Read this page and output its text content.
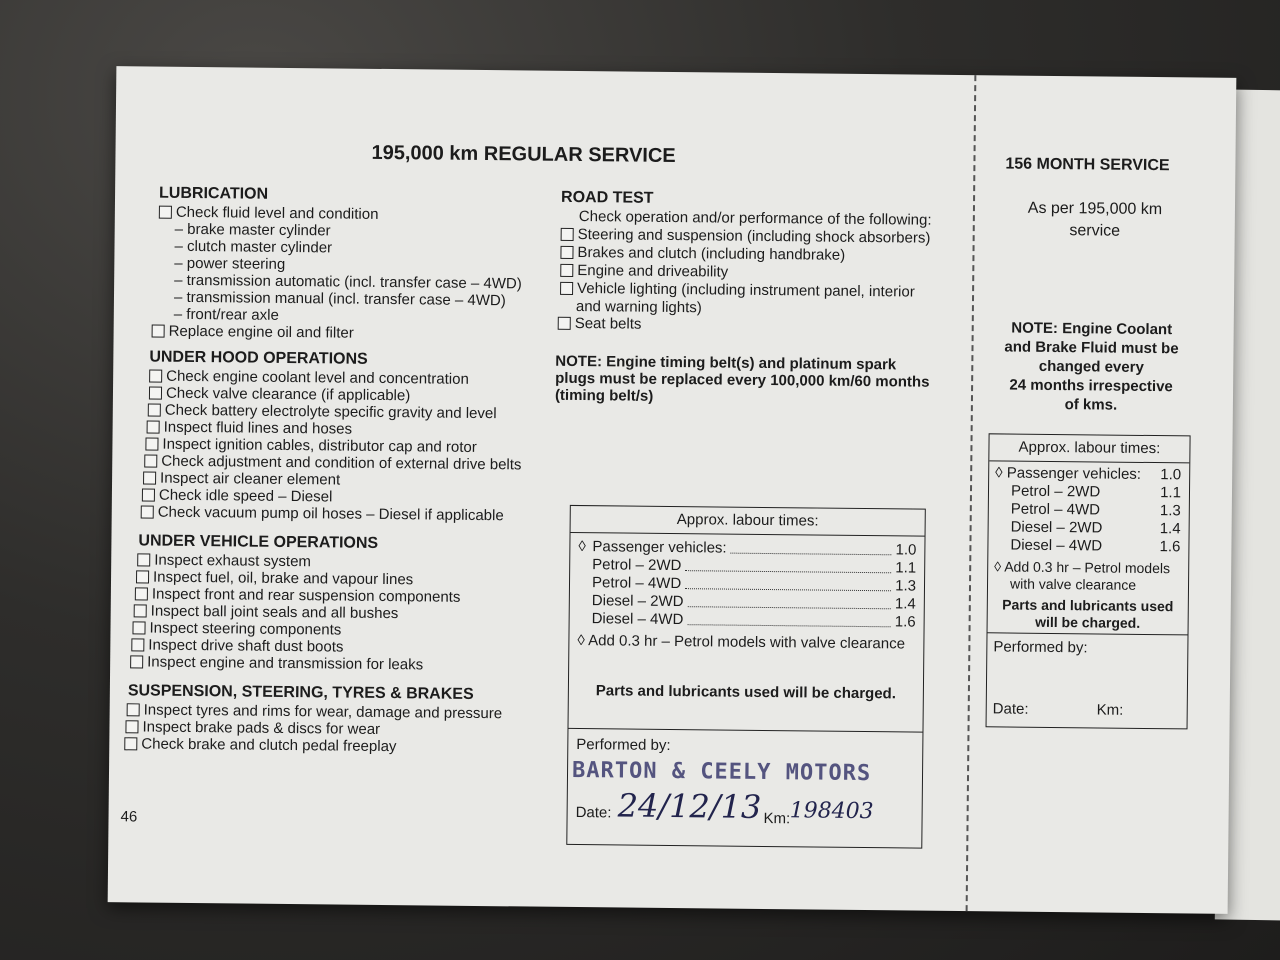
195,000 km REGULAR SERVICE
LUBRICATION
Check fluid level and condition
– brake master cylinder
– clutch master cylinder
– power steering
– transmission automatic (incl. transfer case – 4WD)
– transmission manual (incl. transfer case – 4WD)
– front/rear axle
Replace engine oil and filter
UNDER HOOD OPERATIONS
Check engine coolant level and concentration
Check valve clearance (if applicable)
Check battery electrolyte specific gravity and level
Inspect fluid lines and hoses
Inspect ignition cables, distributor cap and rotor
Check adjustment and condition of external drive belts
Inspect air cleaner element
Check idle speed – Diesel
Check vacuum pump oil hoses – Diesel if applicable
UNDER VEHICLE OPERATIONS
Inspect exhaust system
Inspect fuel, oil, brake and vapour lines
Inspect front and rear suspension components
Inspect ball joint seals and all bushes
Inspect steering components
Inspect drive shaft dust boots
Inspect engine and transmission for leaks
SUSPENSION, STEERING, TYRES & BRAKES
Inspect tyres and rims for wear, damage and pressure
Inspect brake pads & discs for wear
Check brake and clutch pedal freeplay
46
ROAD TEST
Check operation and/or performance of the following:
Steering and suspension (including shock absorbers)
Brakes and clutch (including handbrake)
Engine and driveability
Vehicle lighting (including instrument panel, interior
and warning lights)
Seat belts
NOTE: Engine timing belt(s) and platinum spark
plugs must be replaced every 100,000 km/60 months
(timing belt/s)
Approx. labour times:
◊ Passenger vehicles:	1.0
Petrol – 2WD	1.1
Petrol – 4WD	1.3
Diesel – 2WD	1.4
Diesel – 4WD	1.6
◊ Add 0.3 hr – Petrol models with valve clearance
Parts and lubricants used will be charged.
Performed by:
BARTON & CEELY MOTORS
Date: 24/12/13 Km: 198403
156 MONTH SERVICE
As per 195,000 km
service
NOTE: Engine Coolant
and Brake Fluid must be
changed every
24 months irrespective
of kms.
Approx. labour times:
◊ Passenger vehicles: 1.0
Petrol – 2WD	1.1
Petrol – 4WD	1.3
Diesel – 2WD	1.4
Diesel – 4WD	1.6
◊ Add 0.3 hr – Petrol models
with valve clearance
Parts and lubricants used
will be charged.
Performed by:
Date:	Km:
